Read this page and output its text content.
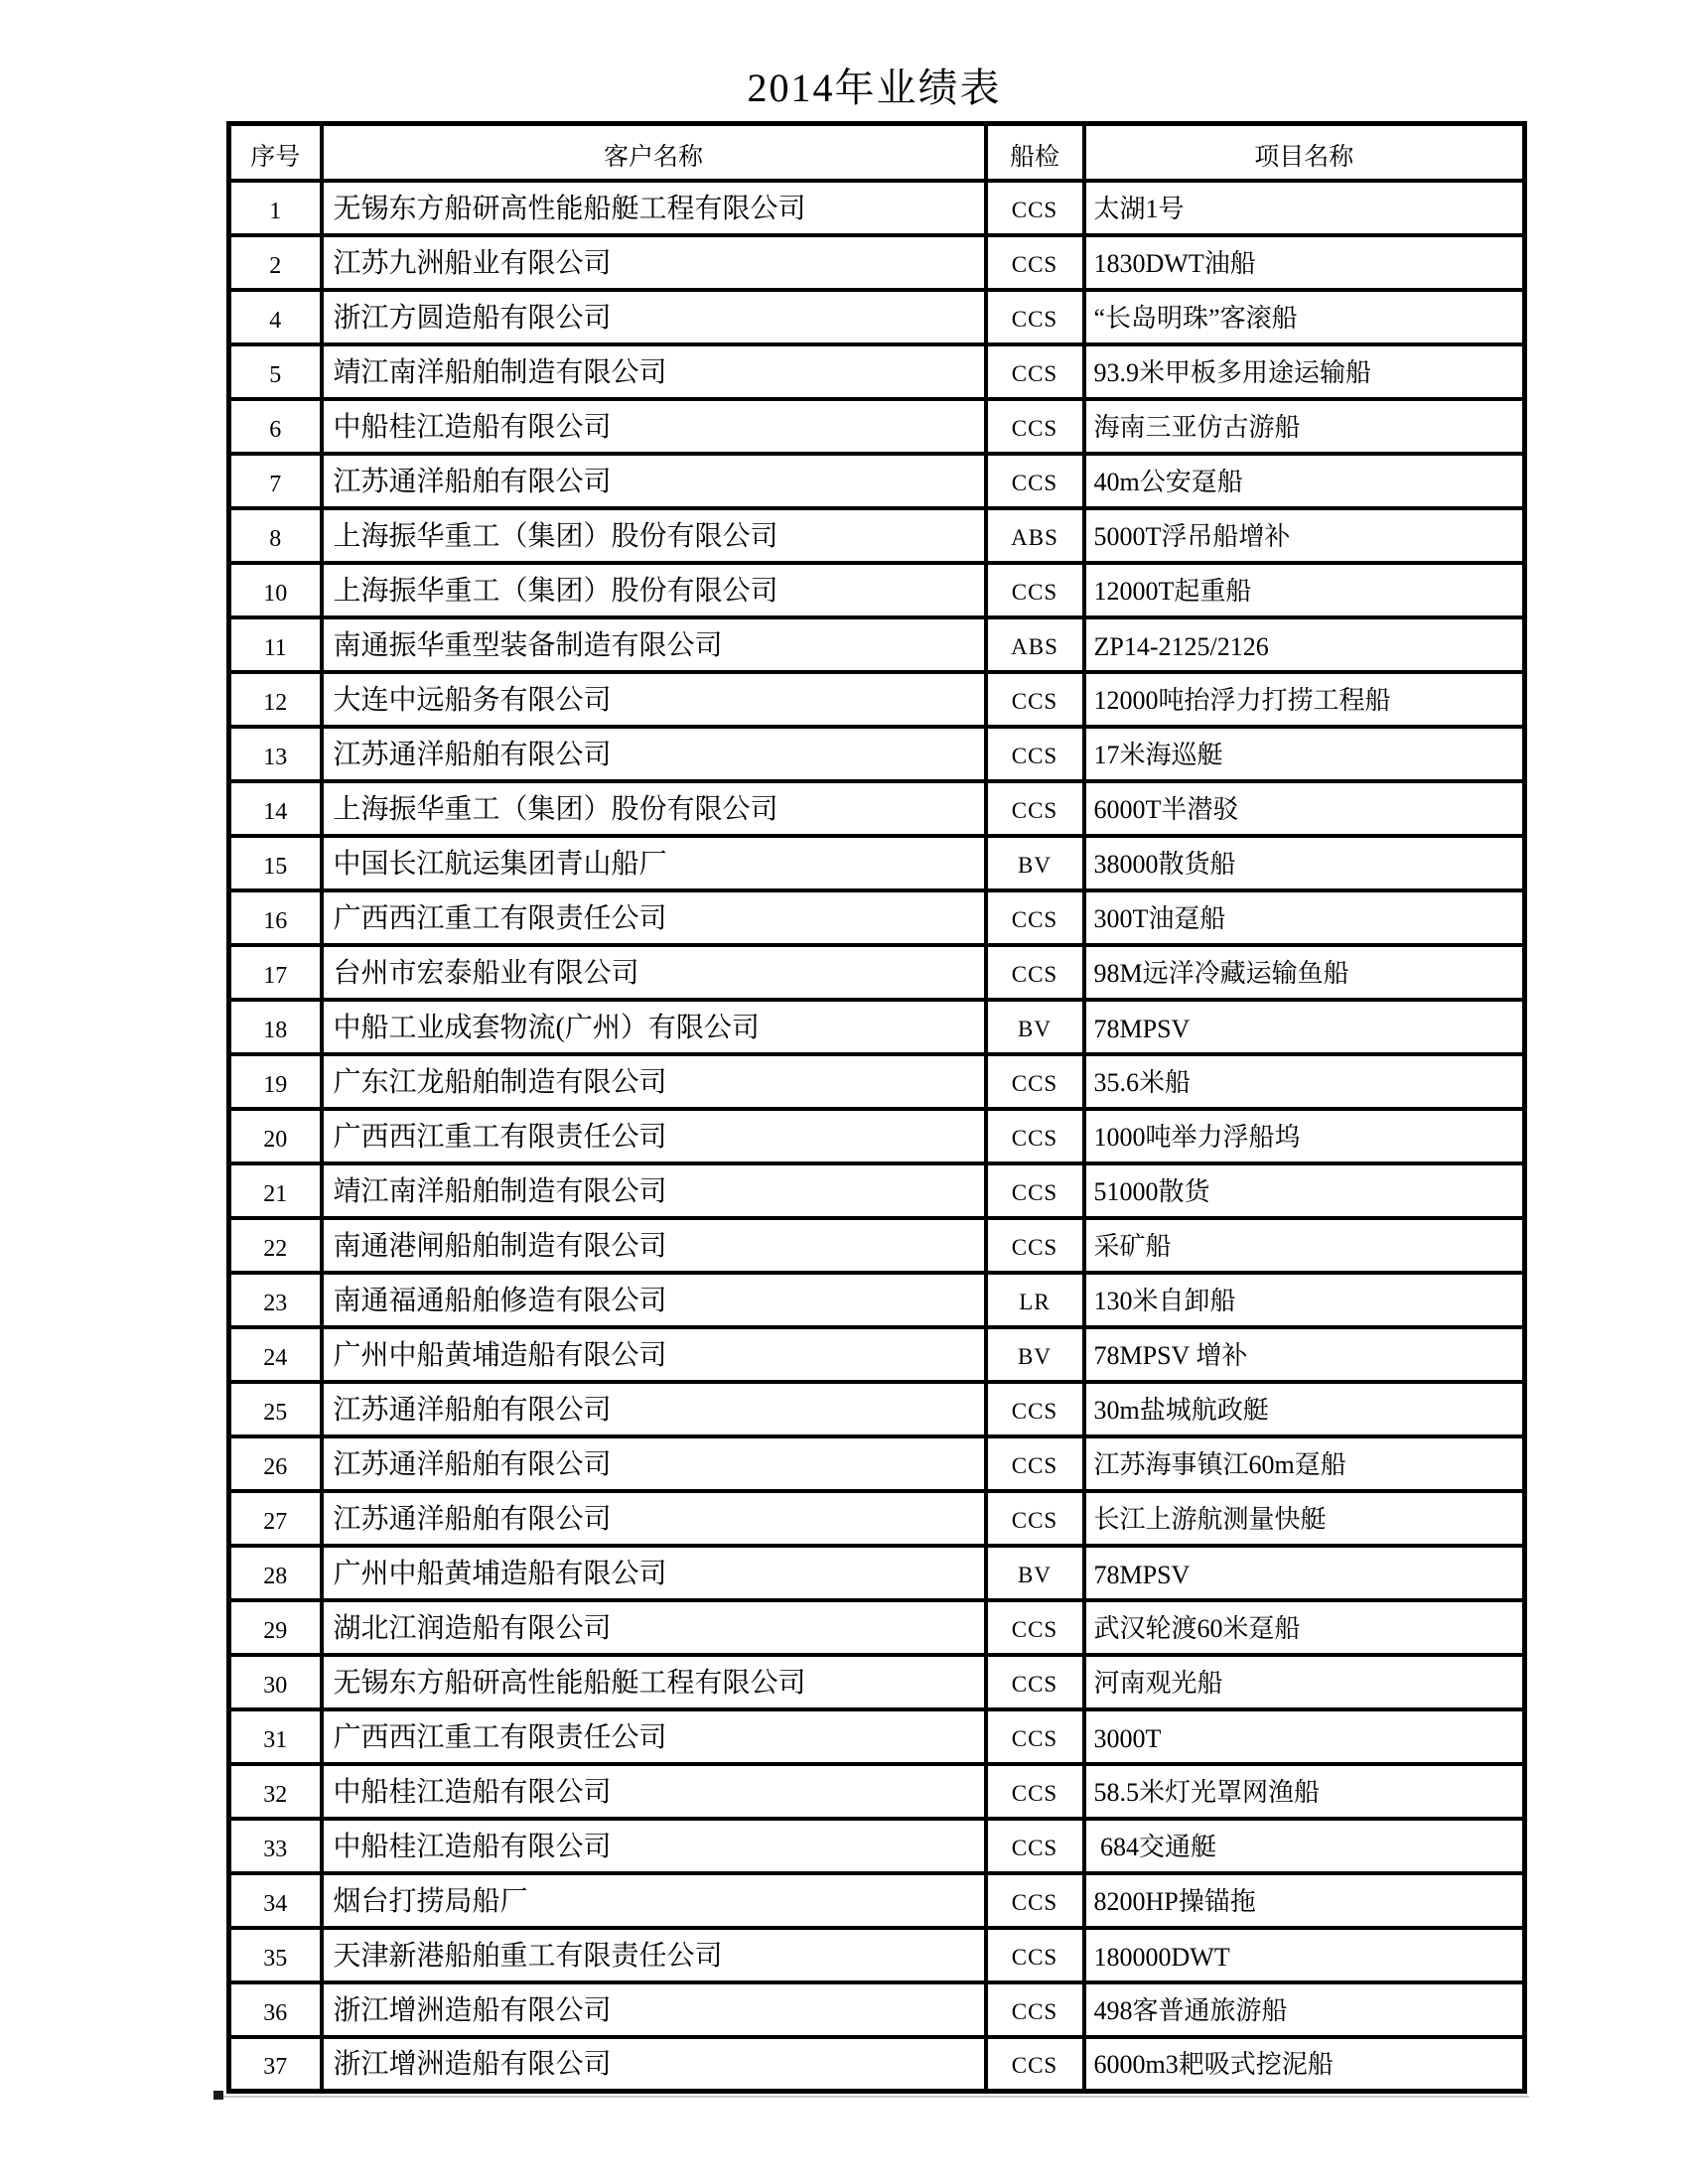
2014年业绩表
序号	客户名称	船检	项目名称
1	无锡东方船研高性能船艇工程有限公司	CCS	太湖1号
2	江苏九洲船业有限公司	CCS	1830DWT油船
4	浙江方圆造船有限公司	CCS	“长岛明珠”客滚船
5	靖江南洋船舶制造有限公司	CCS	93.9米甲板多用途运输船
6	中船桂江造船有限公司	CCS	海南三亚仿古游船
7	江苏通洋船舶有限公司	CCS	40m公安趸船
8	上海振华重工（集团）股份有限公司	ABS	5000T浮吊船增补
10	上海振华重工（集团）股份有限公司	CCS	12000T起重船
11	南通振华重型装备制造有限公司	ABS	ZP14-2125/2126
12	大连中远船务有限公司	CCS	12000吨抬浮力打捞工程船
13	江苏通洋船舶有限公司	CCS	17米海巡艇
14	上海振华重工（集团）股份有限公司	CCS	6000T半潜驳
15	中国长江航运集团青山船厂	BV	38000散货船
16	广西西江重工有限责任公司	CCS	300T油趸船
17	台州市宏泰船业有限公司	CCS	98M远洋冷藏运输鱼船
18	中船工业成套物流(广州）有限公司	BV	78MPSV
19	广东江龙船舶制造有限公司	CCS	35.6米船
20	广西西江重工有限责任公司	CCS	1000吨举力浮船坞
21	靖江南洋船舶制造有限公司	CCS	51000散货
22	南通港闸船舶制造有限公司	CCS	采矿船
23	南通福通船舶修造有限公司	LR	130米自卸船
24	广州中船黄埔造船有限公司	BV	78MPSV 增补
25	江苏通洋船舶有限公司	CCS	30m盐城航政艇
26	江苏通洋船舶有限公司	CCS	江苏海事镇江60m趸船
27	江苏通洋船舶有限公司	CCS	长江上游航测量快艇
28	广州中船黄埔造船有限公司	BV	78MPSV
29	湖北江润造船有限公司	CCS	武汉轮渡60米趸船
30	无锡东方船研高性能船艇工程有限公司	CCS	河南观光船
31	广西西江重工有限责任公司	CCS	3000T
32	中船桂江造船有限公司	CCS	58.5米灯光罩网渔船
33	中船桂江造船有限公司	CCS	684交通艇
34	烟台打捞局船厂	CCS	8200HP操锚拖
35	天津新港船舶重工有限责任公司	CCS	180000DWT
36	浙江增洲造船有限公司	CCS	498客普通旅游船
37	浙江增洲造船有限公司	CCS	6000m3耙吸式挖泥船
